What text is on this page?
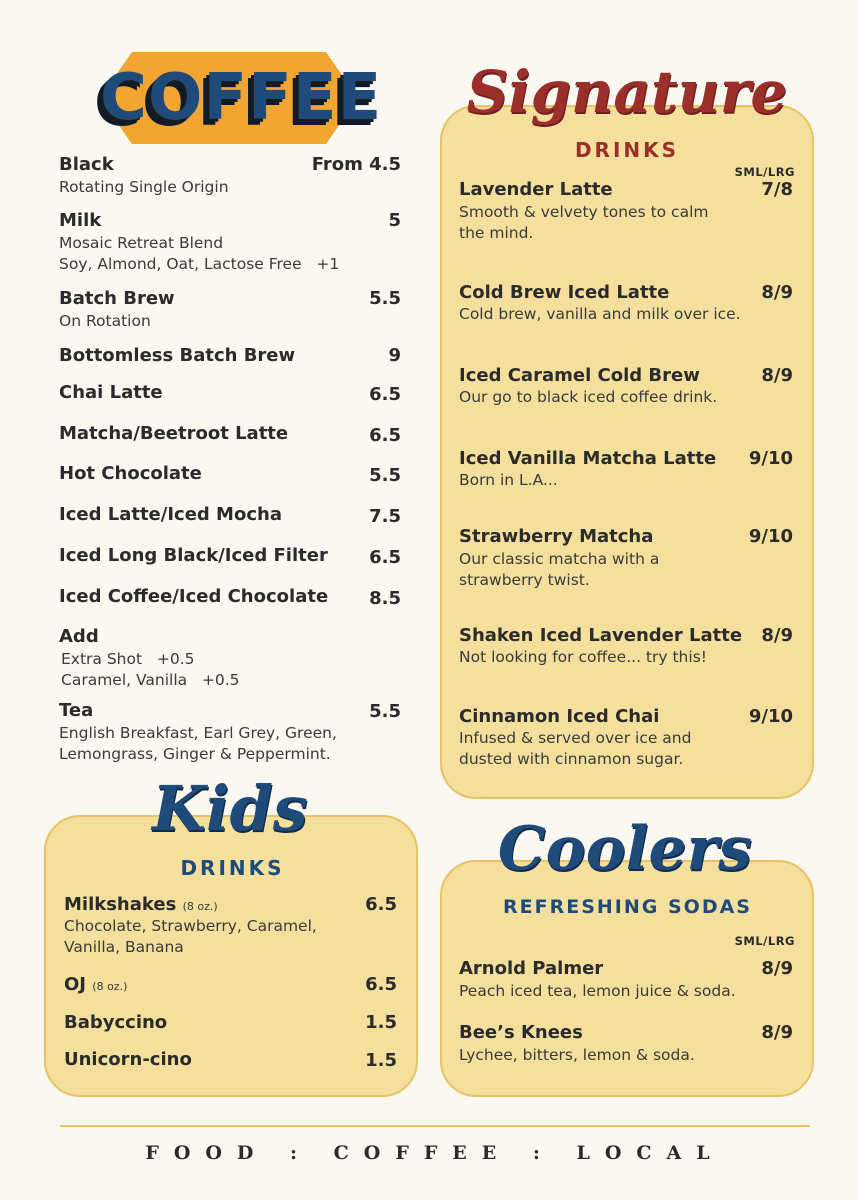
COFFEE
Black	From 4.5
Rotating Single Origin
Milk	5
Mosaic Retreat Blend
Soy, Almond, Oat, Lactose Free   +1
Batch Brew	5.5
On Rotation
Bottomless Batch Brew	9
Chai Latte	6.5
Matcha/Beetroot Latte	6.5
Hot Chocolate	5.5
Iced Latte/Iced Mocha	7.5
Iced Long Black/Iced Filter	6.5
Iced Coffee/Iced Chocolate	8.5
Add
Extra Shot   +0.5
Caramel, Vanilla   +0.5
Tea	5.5
English Breakfast, Earl Grey, Green,
Lemongrass, Ginger & Peppermint.
Signature
DRINKS
SML/LRG
Lavender Latte	7/8
Smooth & velvety tones to calm
the mind.
Cold Brew Iced Latte	8/9
Cold brew, vanilla and milk over ice.
Iced Caramel Cold Brew	8/9
Our go to black iced coffee drink.
Iced Vanilla Matcha Latte	9/10
Born in L.A...
Strawberry Matcha	9/10
Our classic matcha with a
strawberry twist.
Shaken Iced Lavender Latte	8/9
Not looking for coffee... try this!
Cinnamon Iced Chai	9/10
Infused & served over ice and
dusted with cinnamon sugar.
Kids
DRINKS
Milkshakes (8 oz.)	6.5
Chocolate, Strawberry, Caramel,
Vanilla, Banana
OJ (8 oz.)	6.5
Babyccino	1.5
Unicorn-cino	1.5
Coolers
REFRESHING SODAS
SML/LRG
Arnold Palmer	8/9
Peach iced tea, lemon juice & soda.
Bee’s Knees	8/9
Lychee, bitters, lemon & soda.
FOOD : COFFEE : LOCAL
